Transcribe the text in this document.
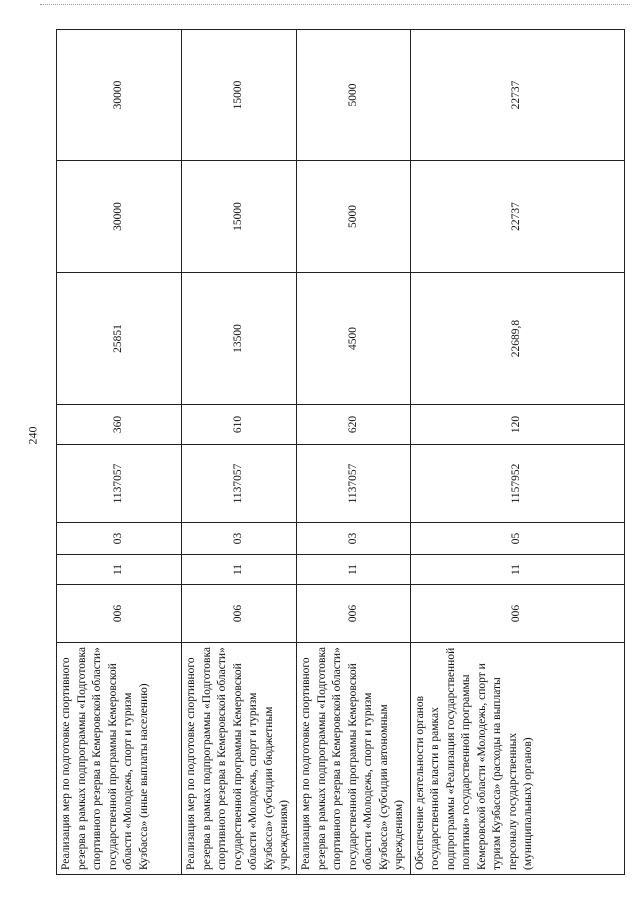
240
Реализация мер по подготовке спортивного резерва в рамках подпрограммы «Подготовка спортивного резерва в Кемеровской области» государственной программы Кемеровской области «Молодежь, спорт и туризм Кузбасса» (иные выплаты населению)	006	11	03	1137057	360	25851	30000	30000
Реализация мер по подготовке спортивного резерва в рамках подпрограммы «Подготовка спортивного резерва в Кемеровской области» государственной программы Кемеровской области «Молодежь, спорт и туризм Кузбасса» (субсидии бюджетным учреждениям)	006	11	03	1137057	610	13500	15000	15000
Реализация мер по подготовке спортивного резерва в рамках подпрограммы «Подготовка спортивного резерва в Кемеровской области» государственной программы Кемеровской области «Молодежь, спорт и туризм Кузбасса» (субсидии автономным учреждениям)	006	11	03	1137057	620	4500	5000	5000
Обеспечение деятельности органов государственной власти в рамках подпрограммы «Реализация государственной политики» государственной программы Кемеровской области «Молодежь, спорт и туризм Кузбасса» (расходы на выплаты персоналу государственных (муниципальных) органов)	006	11	05	1157952	120	22689,8	22737	22737
